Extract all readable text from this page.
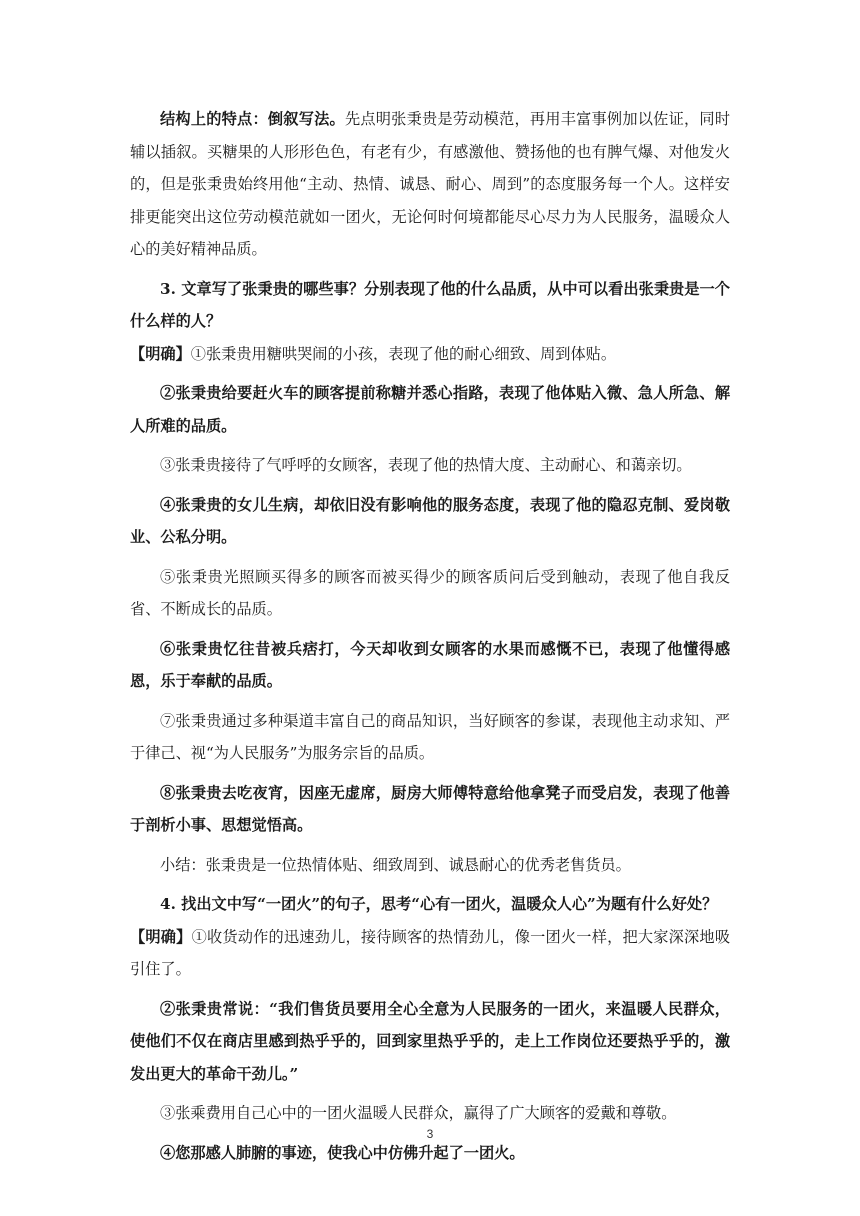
结构上的特点：倒叙写法。先点明张秉贵是劳动模范，再用丰富事例加以佐证，同时辅以插叙。买糖果的人形形色色，有老有少，有感激他、赞扬他的也有脾气爆、对他发火的，但是张秉贵始终用他“主动、热情、诚恳、耐心、周到”的态度服务每一个人。这样安排更能突出这位劳动模范就如一团火，无论何时何境都能尽心尽力为人民服务，温暖众人心的美好精神品质。

3. 文章写了张秉贵的哪些事？分别表现了他的什么品质，从中可以看出张秉贵是一个什么样的人？

【明确】①张秉贵用糖哄哭闹的小孩，表现了他的耐心细致、周到体贴。

②张秉贵给要赶火车的顾客提前称糖并悉心指路，表现了他体贴入微、急人所急、解人所难的品质。

③张秉贵接待了气呼呼的女顾客，表现了他的热情大度、主动耐心、和蔼亲切。

④张秉贵的女儿生病，却依旧没有影响他的服务态度，表现了他的隐忍克制、爱岗敬业、公私分明。

⑤张秉贵光照顾买得多的顾客而被买得少的顾客质问后受到触动，表现了他自我反省、不断成长的品质。

⑥张秉贵忆往昔被兵痞打，今天却收到女顾客的水果而感慨不已，表现了他懂得感恩，乐于奉献的品质。

⑦张秉贵通过多种渠道丰富自己的商品知识，当好顾客的参谋，表现他主动求知、严于律己、视“为人民服务”为服务宗旨的品质。

⑧张秉贵去吃夜宵，因座无虚席，厨房大师傅特意给他拿凳子而受启发，表现了他善于剖析小事、思想觉悟高。

小结：张秉贵是一位热情体贴、细致周到、诚恳耐心的优秀老售货员。

4. 找出文中写“一团火”的句子，思考“心有一团火，温暖众人心”为题有什么好处？

【明确】①收货动作的迅速劲儿，接待顾客的热情劲儿，像一团火一样，把大家深深地吸引住了。

②张秉贵常说：“我们售货员要用全心全意为人民服务的一团火，来温暖人民群众，使他们不仅在商店里感到热乎乎的，回到家里热乎乎的，走上工作岗位还要热乎乎的，激发出更大的革命干劲儿。”

③张乘费用自己心中的一团火温暖人民群众，赢得了广大顾客的爱戴和尊敬。

④您那感人肺腑的事迹，使我心中仿佛升起了一团火。

3
